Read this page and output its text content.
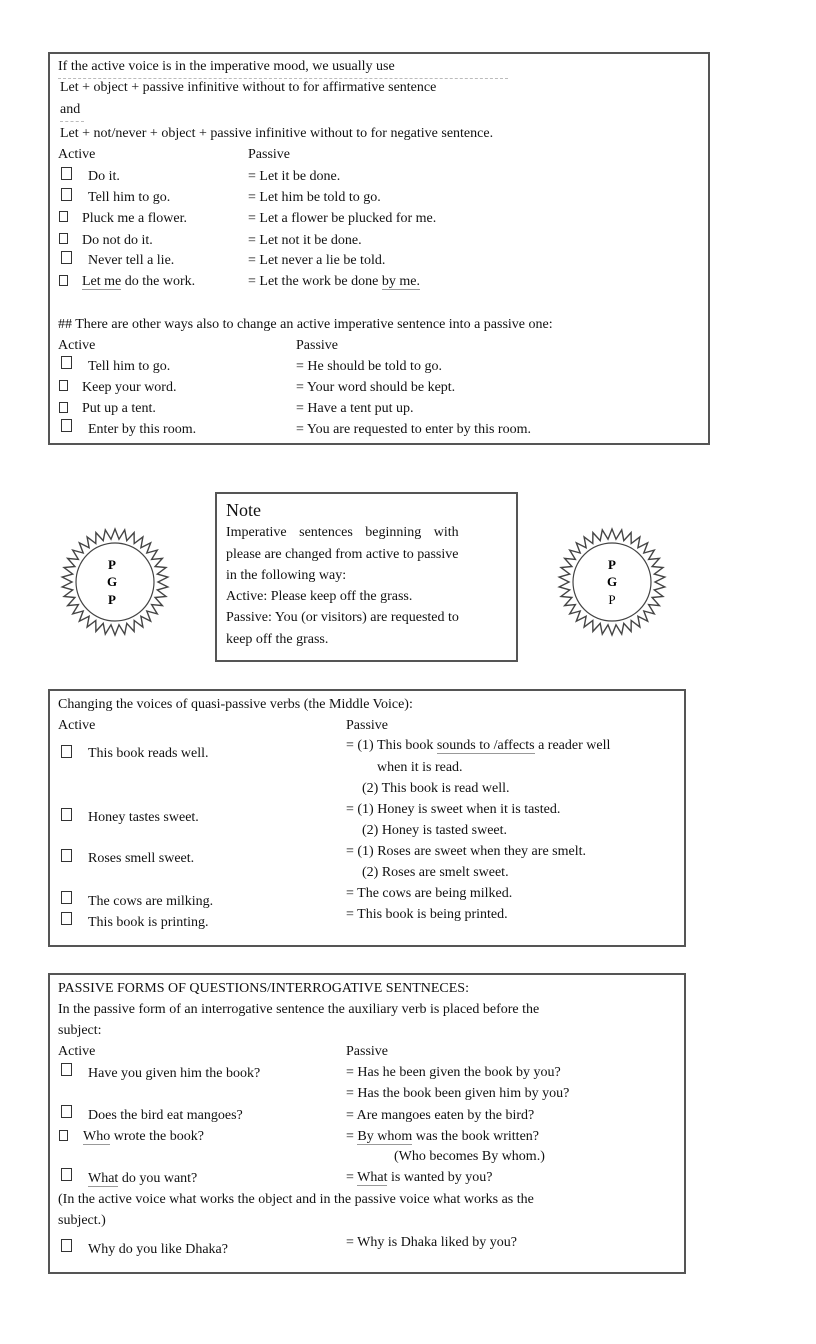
If the active voice is in the imperative mood, we usually use
Let + object + passive infinitive without to for affirmative sentence
and
Let + not/never + object + passive infinitive without to for negative sentence.
Active	Passive
Do it.	= Let it be done.
Tell him to go.	= Let him be told to go.
Pluck me a flower.	= Let a flower be plucked for me.
Do not do it.	= Let not it be done.
Never tell a lie.	= Let never a lie be told.
Let me do the work.	= Let the work be done by me.
## There are other ways also to change an active imperative sentence into a passive one:
Active	Passive
Tell him to go.	= He should be told to go.
Keep your word.	= Your word should be kept.
Put up a tent.	= Have a tent put up.
Enter by this room.	= You are requested to enter by this room.
P
G
P
P
G
P
Note
Imperative sentences beginning with
please are changed from active to passive
in the following way:
Active: Please keep off the grass.
Passive: You (or visitors) are requested to
keep off the grass.
Changing the voices of quasi-passive verbs (the Middle Voice):
Active	Passive
This book reads well.
= (1) This book sounds to /affects a reader well
when it is read.
(2) This book is read well.
Honey tastes sweet.
= (1) Honey is sweet when it is tasted.
(2) Honey is tasted sweet.
Roses smell sweet.	= (1) Roses are sweet when they are smelt.
(2) Roses are smelt sweet.
The cows are milking.
= The cows are being milked.
This book is printing.
= This book is being printed.
PASSIVE FORMS OF QUESTIONS/INTERROGATIVE SENTNECES:
In the passive form of an interrogative sentence the auxiliary verb is placed before the
subject:
Active	Passive
Have you given him the book?	= Has he been given the book by you?
= Has the book been given him by you?
Does the bird eat mangoes?	= Are mangoes eaten by the bird?
Who wrote the book?	= By whom was the book written?
(Who becomes By whom.)
What do you want?	= What is wanted by you?
(In the active voice what works the object and in the passive voice what works as the
subject.)
Why do you like Dhaka?	= Why is Dhaka liked by you?
